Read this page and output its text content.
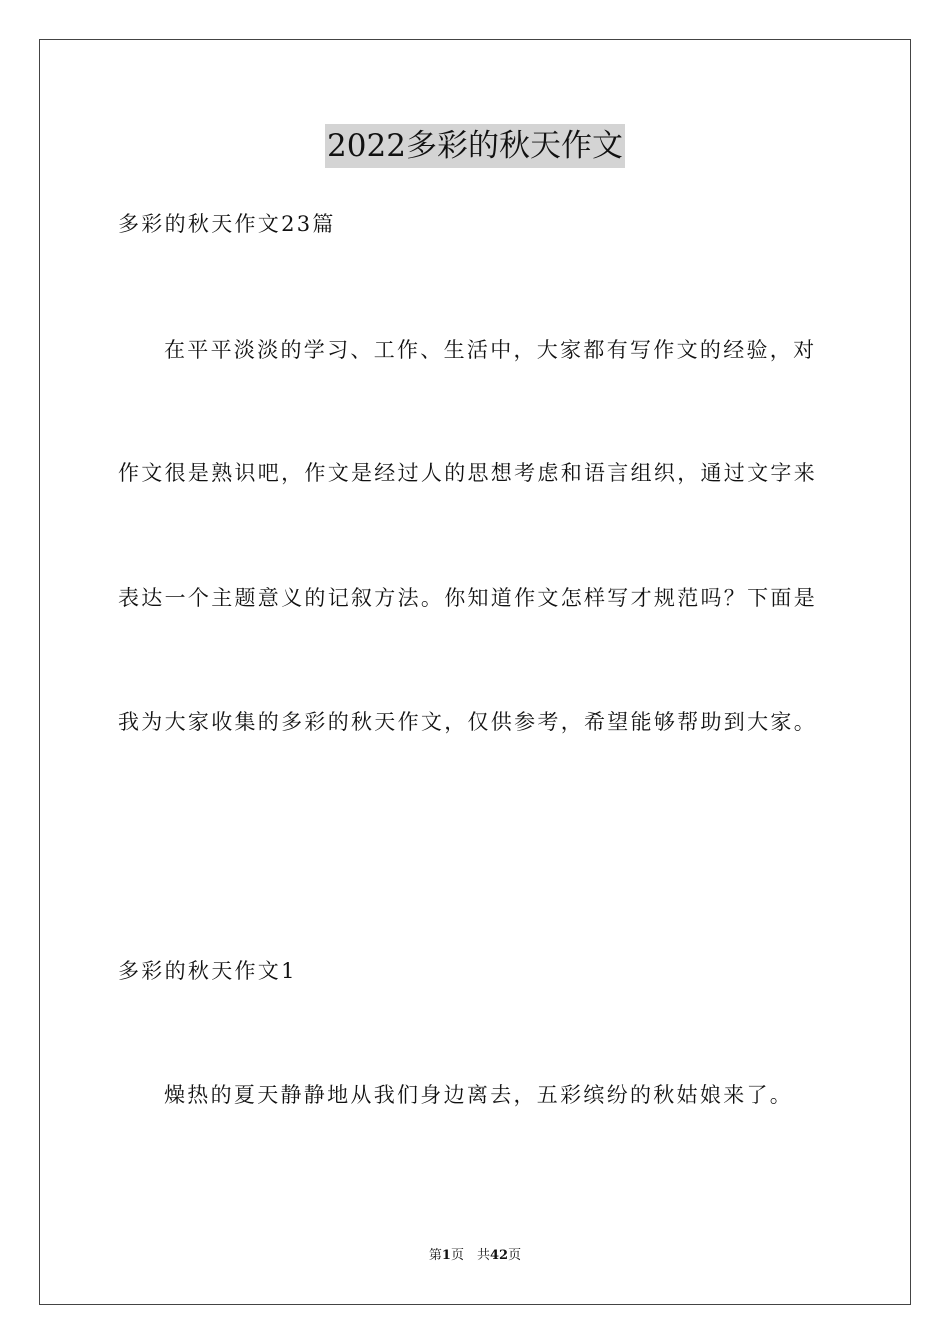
2022多彩的秋天作文
多彩的秋天作文23篇
在平平淡淡的学习、工作、生活中，大家都有写作文的经验，对
作文很是熟识吧，作文是经过人的思想考虑和语言组织，通过文字来
表达一个主题意义的记叙方法。你知道作文怎样写才规范吗？下面是
我为大家收集的多彩的秋天作文，仅供参考，希望能够帮助到大家。
多彩的秋天作文1
燥热的夏天静静地从我们身边离去，五彩缤纷的秋姑娘来了。
第1页　共42页
